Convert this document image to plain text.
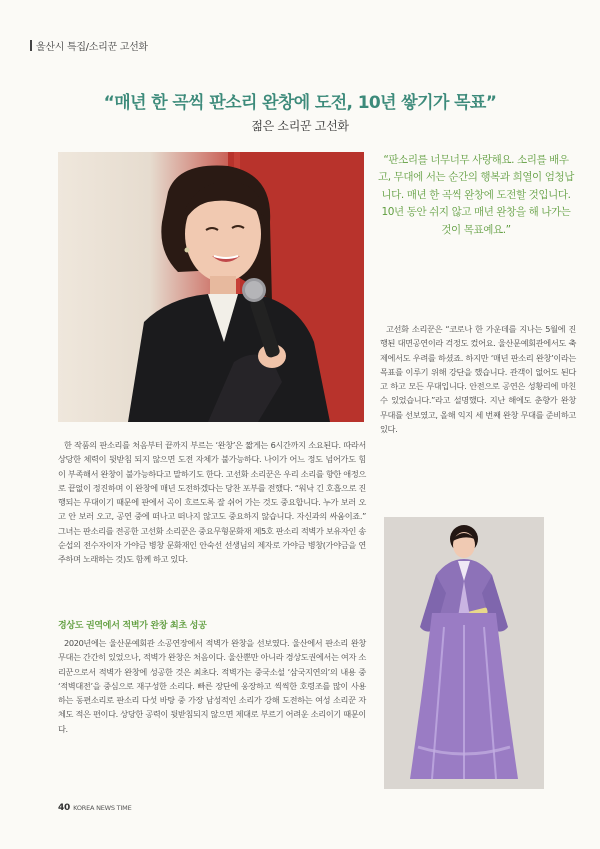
울산시 특집/소리꾼 고선화
“매년 한 곡씩 판소리 완창에 도전, 10년 쌓기가 목표”
젊은 소리꾼 고선화
“판소리를 너무너무 사랑해요. 소리를 배우고, 무대에 서는 순간의 행복과 희열이 엄청납니다. 매년 한 곡씩 완창에 도전할 것입니다. 10년 동안 쉬지 않고 매년 완창을 해 나가는 것이 목표예요.”

고선화 소리꾼은 “코로나 한 가운데를 지나는 5월에 진행된 대면공연이라 걱정도 컸어요. 울산문예회관에서도 축제에서도 우려를 하셨죠. 하지만 ‘매년 판소리 완창’이라는 목표를 이루기 위해 강단을 했습니다. 관객이 없어도 된다고 하고 모든 무대입니다. 안전으로 공연은 성황리에 마친 수 있었습니다.”라고 설명했다. 지난 해에도 춘향가 완창 무대를 선보였고, 올해 익지 세 번째 완창 무대를 준비하고 있다.

한 작품의 판소리를 처음부터 끝까지 부르는 ‘완창’은 짧게는 6시간까지 소요된다. 따라서 상당한 체력이 뒷받침 되지 않으면 도전 자체가 불가능하다. 나이가 어느 정도 넘어가도 힘이 부족해서 완창이 불가능하다고 말하기도 한다. 고선화 소리꾼은 우리 소리를 향한 애정으로 끝없이 정진하며 이 완창에 매년 도전하겠다는 당찬 포부를 전했다. “워낙 긴 호흡으로 진행되는 무대이기 때문에 판에서 곡이 흐르도록 잘 쉬어 가는 것도 중요합니다. 누가 보러 오고 안 보러 오고, 공연 중에 떠나고 떠나지 않고도 중요하지 않습니다. 자신과의 싸움이죠.” 그녀는 판소리를 전공한 고선화 소리꾼은 중요무형문화재 제5호 판소리 적벽가 보유자인 송순섭의 전수자이자 가야금 병창 문화재인 안숙선 선생님의 제자로 가야금 병창(가야금을 연주하며 노래하는 것)도 함께 하고 있다.

경상도 권역에서 적벽가 완창 최초 성공

2020년에는 울산문예회관 소공연장에서 적벽가 완창을 선보였다. 울산에서 판소리 완창무대는 간간히 있었으나, 적벽가 완창은 처음이다. 울산뿐만 아니라 경상도권에서는 여자 소리꾼으로서 적벽가 완창에 성공한 것은 최초다. 적벽가는 중국소설 ‘삼국지연의’의 내용 중 ‘적벽대전’을 중심으로 재구성한 소리다. 빠른 장단에 웅장하고 씩씩한 호령조를 많이 사용하는 동편소리로 판소리 다섯 바탕 중 가장 남성적인 소리가 강해 도전하는 여성 소리꾼 자체도 적은 편이다. 상당한 공력이 뒷받침되지 않으면 제대로 부르기 어려운 소리이기 때문이다.

40 KOREA NEWS TIME
